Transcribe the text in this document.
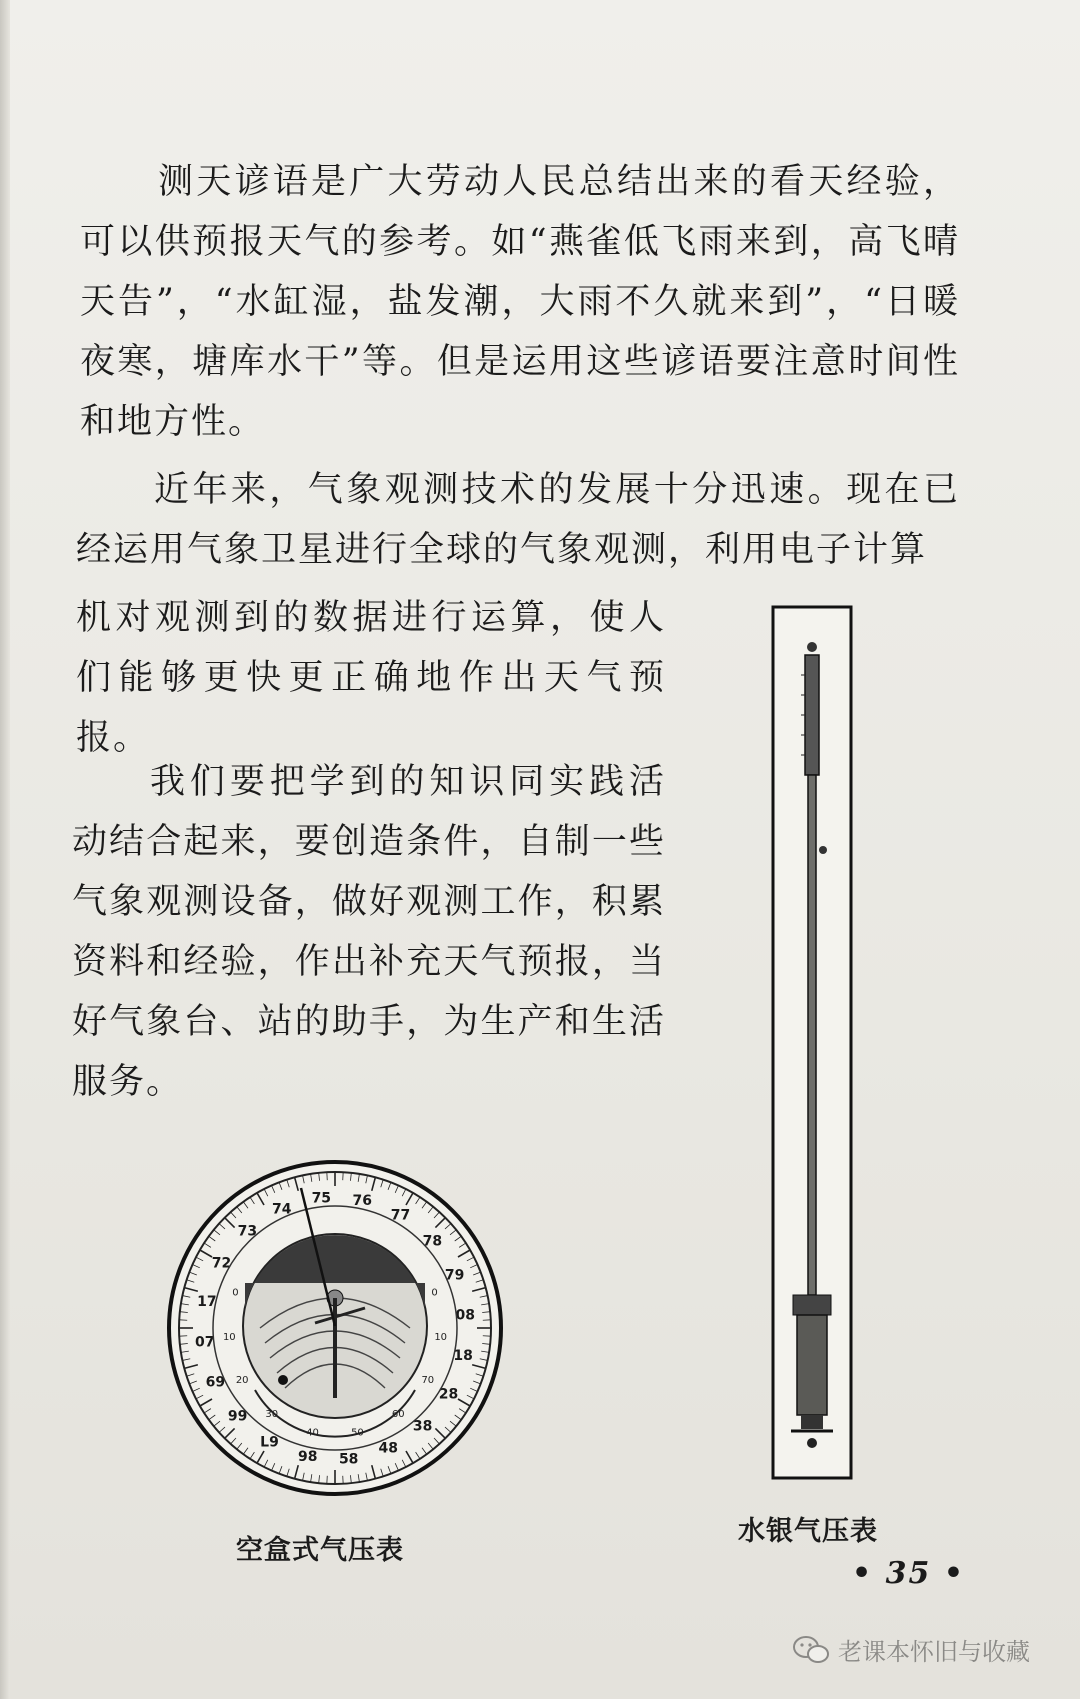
测天谚语是广大劳动人民总结出来的看天经验，可以供预报天气的参考。如“燕雀低飞雨来到，高飞晴天告”，“水缸湿，盐发潮，大雨不久就来到”，“日暖夜寒，塘库水干”等。但是运用这些谚语要注意时间性和地方性。

近年来，气象观测技术的发展十分迅速。现在已经运用气象卫星进行全球的气象观测，利用电子计算

机对观测到的数据进行运算，使人们能够更快更正确地作出天气预报。

我们要把学到的知识同实践活动结合起来，要创造条件，自制一些气象观测设备，做好观测工作，积累资料和经验，作出补充天气预报，当好气象台、站的助手，为生产和生活服务。

72
73
74
75 76
77
78
79
08
18
28
38
48
58
98
L9
99
69
07
17
0
10
20
30
40	50
60
70
10
0
空盒式气压表
水银气压表
• 35 •
老课本怀旧与收藏
